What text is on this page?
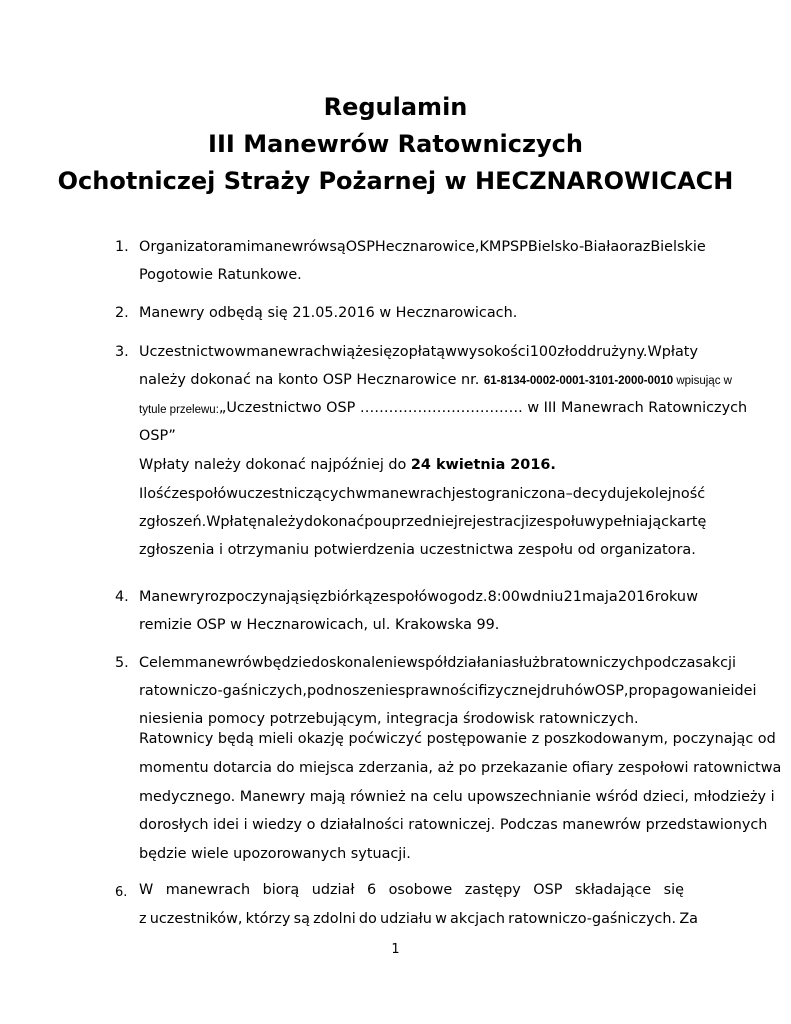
Regulamin
III Manewrów Ratowniczych
Ochotniczej Straży Pożarnej w HECZNAROWICACH
1. Organizatorami manewrów są OSP Hecznarowice, KM PSP Bielsko-Biała oraz Bielskie
Pogotowie Ratunkowe.
2. Manewry odbędą się 21.05.2016 w Hecznarowicach.
3. Uczestnictwo w manewrach wiąże się z opłatą w wysokości 100 zł od drużyny. Wpłaty
należy dokonać na konto OSP Hecznarowice nr. 61-8134-0002-0001-3101-2000-0010 wpisując w
tytule przelewu: „Uczestnictwo OSP ……………………………. w III Manewrach Ratowniczych
OSP”
Wpłaty należy dokonać najpóźniej do 24 kwietnia 2016.
Ilość zespołów uczestniczących w manewrach jest ograniczona – decyduje kolejność
zgłoszeń. Wpłatę należy dokonać po uprzedniej rejestracji zespołu wypełniając kartę
zgłoszenia i otrzymaniu potwierdzenia uczestnictwa zespołu od organizatora.
4. Manewry rozpoczynają się zbiórką zespołów o godz. 8:00 w dniu 21 maja 2016 roku w
remizie OSP w Hecznarowicach, ul. Krakowska 99.
5. Celem manewrów będzie doskonalenie współdziałania służb ratowniczych podczas akcji
ratowniczo-gaśniczych, podnoszenie sprawności fizycznej druhów OSP, propagowanie idei
niesienia pomocy potrzebującym, integracja środowisk ratowniczych.
Ratownicy będą mieli okazję poćwiczyć postępowanie z poszkodowanym, poczynając od
momentu dotarcia do miejsca zderzania, aż po przekazanie ofiary zespołowi ratownictwa
medycznego. Manewry mają również na celu upowszechnianie wśród dzieci, młodzieży i
dorosłych idei i wiedzy o działalności ratowniczej. Podczas manewrów przedstawionych
będzie wiele upozorowanych sytuacji.
6. W manewrach biorą udział 6 osobowe zastępy OSP składające się
z uczestników, którzy są zdolni do udziału w akcjach ratowniczo-gaśniczych. Za
1
